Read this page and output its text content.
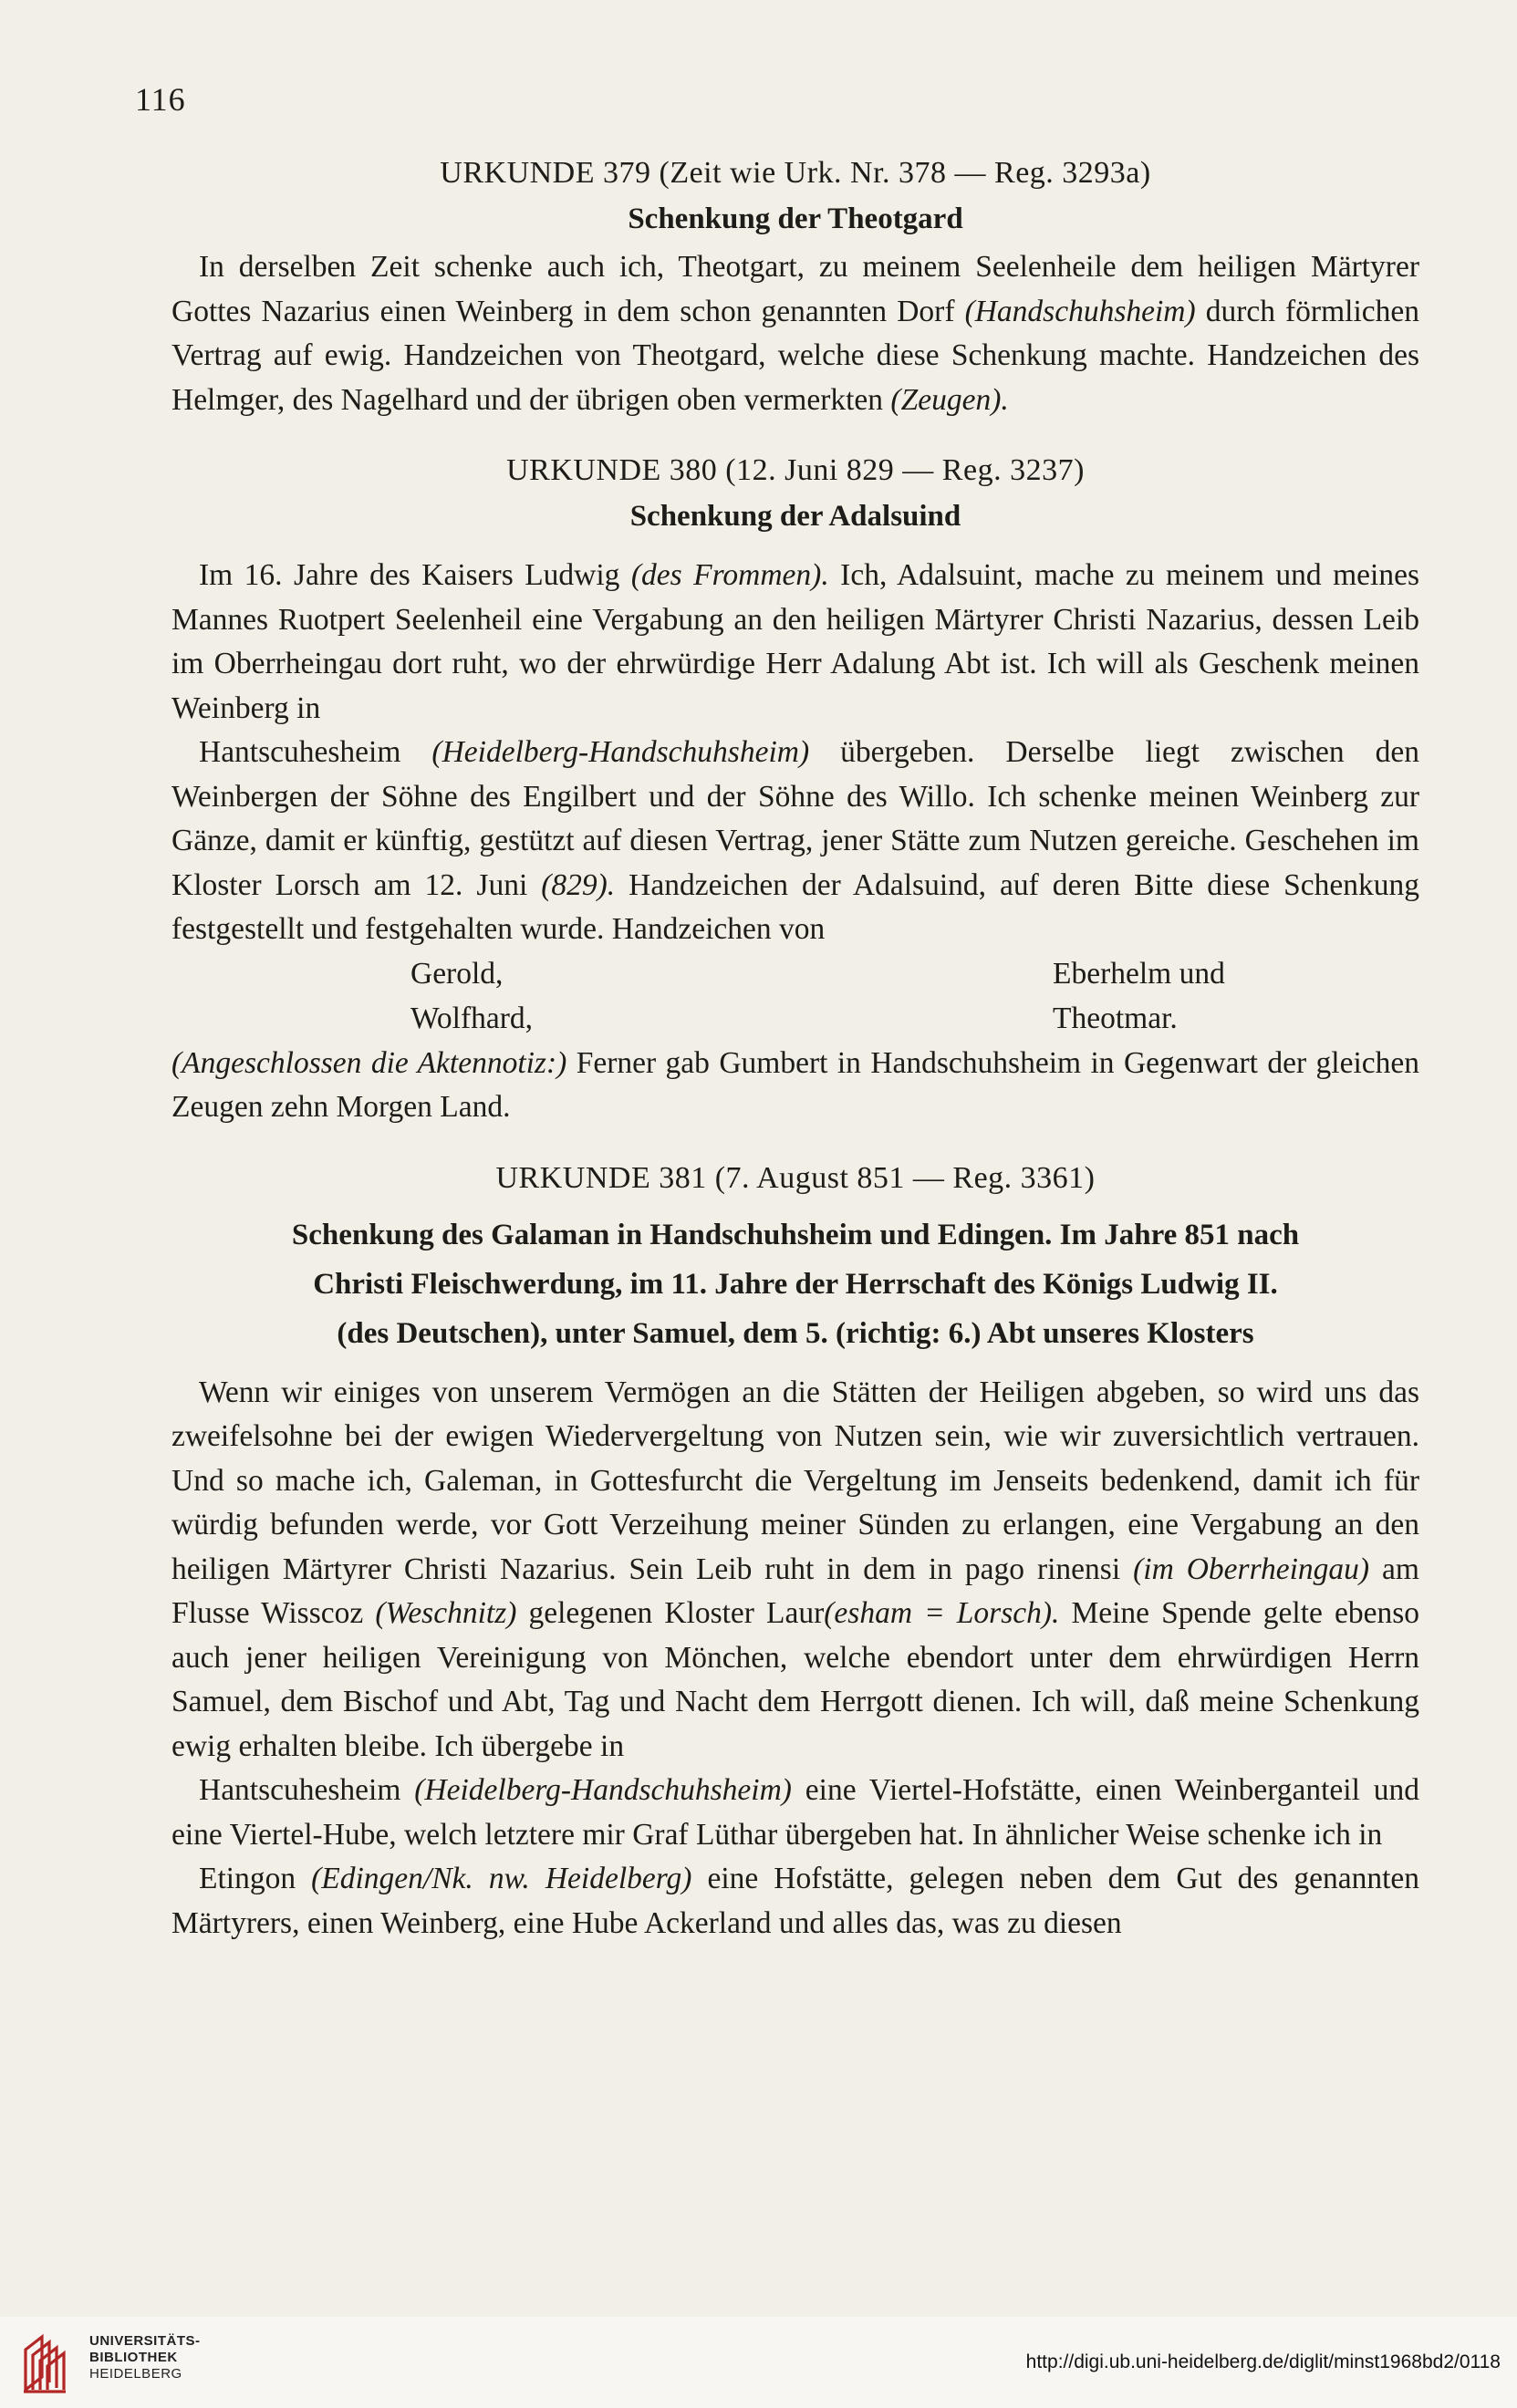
116
URKUNDE 379 (Zeit wie Urk. Nr. 378 — Reg. 3293a)
Schenkung der Theotgard

In derselben Zeit schenke auch ich, Theotgart, zu meinem Seelenheile dem heiligen Märtyrer Gottes Nazarius einen Weinberg in dem schon genannten Dorf (Handschuhsheim) durch förmlichen Vertrag auf ewig. Handzeichen von Theotgard, welche diese Schenkung machte. Handzeichen des Helmger, des Nagelhard und der übrigen oben vermerkten (Zeugen).

URKUNDE 380 (12. Juni 829 — Reg. 3237)
Schenkung der Adalsuind

Im 16. Jahre des Kaisers Ludwig (des Frommen). Ich, Adalsuint, mache zu meinem und meines Mannes Ruotpert Seelenheil eine Vergabung an den heiligen Märtyrer Christi Nazarius, dessen Leib im Oberrheingau dort ruht, wo der ehrwürdige Herr Adalung Abt ist. Ich will als Geschenk meinen Weinberg in

Hantscuhesheim (Heidelberg-Handschuhsheim) übergeben. Derselbe liegt zwischen den Weinbergen der Söhne des Engilbert und der Söhne des Willo. Ich schenke meinen Weinberg zur Gänze, damit er künftig, gestützt auf diesen Vertrag, jener Stätte zum Nutzen gereiche. Geschehen im Kloster Lorsch am 12. Juni (829). Handzeichen der Adalsuind, auf deren Bitte diese Schenkung festgestellt und festgehalten wurde. Handzeichen von

Gerold,	Eberhelm und
Wolfhard,	Theotmar.

(Angeschlossen die Aktennotiz:) Ferner gab Gumbert in Handschuhsheim in Gegenwart der gleichen Zeugen zehn Morgen Land.

URKUNDE 381 (7. August 851 — Reg. 3361)
Schenkung des Galaman in Handschuhsheim und Edingen. Im Jahre 851 nach
Christi Fleischwerdung, im 11. Jahre der Herrschaft des Königs Ludwig II.
(des Deutschen), unter Samuel, dem 5. (richtig: 6.) Abt unseres Klosters

Wenn wir einiges von unserem Vermögen an die Stätten der Heiligen abgeben, so wird uns das zweifelsohne bei der ewigen Wiedervergeltung von Nutzen sein, wie wir zuversichtlich vertrauen. Und so mache ich, Galeman, in Gottesfurcht die Vergeltung im Jenseits bedenkend, damit ich für würdig befunden werde, vor Gott Verzeihung meiner Sünden zu erlangen, eine Vergabung an den heiligen Märtyrer Christi Nazarius. Sein Leib ruht in dem in pago rinensi (im Oberrheingau) am Flusse Wisscoz (Weschnitz) gelegenen Kloster Laur(esham = Lorsch). Meine Spende gelte ebenso auch jener heiligen Vereinigung von Mönchen, welche ebendort unter dem ehrwürdigen Herrn Samuel, dem Bischof und Abt, Tag und Nacht dem Herrgott dienen. Ich will, daß meine Schenkung ewig erhalten bleibe. Ich übergebe in

Hantscuhesheim (Heidelberg-Handschuhsheim) eine Viertel-Hofstätte, einen Weinberganteil und eine Viertel-Hube, welch letztere mir Graf Lüthar übergeben hat. In ähnlicher Weise schenke ich in

Etingon (Edingen/Nk. nw. Heidelberg) eine Hofstätte, gelegen neben dem Gut des genannten Märtyrers, einen Weinberg, eine Hube Ackerland und alles das, was zu diesen

UNIVERSITÄTS-
BIBLIOTHEK
HEIDELBERG
http://digi.ub.uni-heidelberg.de/diglit/minst1968bd2/0118
